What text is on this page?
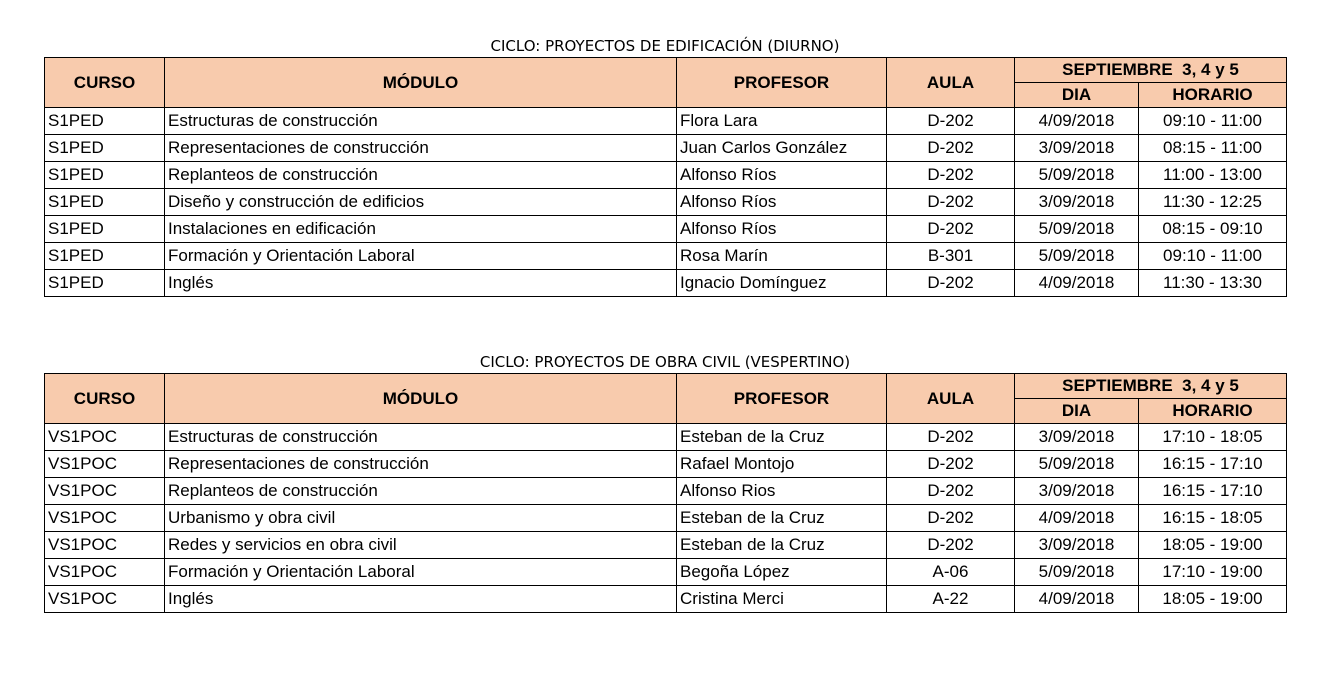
CICLO: PROYECTOS DE EDIFICACIÓN (DIURNO)
CURSO	MÓDULO	PROFESOR	AULA	SEPTIEMBRE  3, 4 y 5	
				DIA	HORARIO
S1PED	Estructuras de construcción	Flora Lara	D-202	4/09/2018	09:10 - 11:00
S1PED	Representaciones de construcción	Juan Carlos González	D-202	3/09/2018	08:15 - 11:00
S1PED	Replanteos de construcción	Alfonso Ríos	D-202	5/09/2018	11:00 - 13:00
S1PED	Diseño y construcción de edificios	Alfonso Ríos	D-202	3/09/2018	11:30 - 12:25
S1PED	Instalaciones en edificación	Alfonso Ríos	D-202	5/09/2018	08:15 - 09:10
S1PED	Formación y Orientación Laboral	Rosa Marín	B-301	5/09/2018	09:10 - 11:00
S1PED	Inglés	Ignacio Domínguez	D-202	4/09/2018	11:30 - 13:30
CICLO: PROYECTOS DE OBRA CIVIL (VESPERTINO)
CURSO	MÓDULO	PROFESOR	AULA	SEPTIEMBRE  3, 4 y 5	
				DIA	HORARIO
VS1POC	Estructuras de construcción	Esteban de la Cruz	D-202	3/09/2018	17:10 - 18:05
VS1POC	Representaciones de construcción	Rafael Montojo	D-202	5/09/2018	16:15 - 17:10
VS1POC	Replanteos de construcción	Alfonso Rios	D-202	3/09/2018	16:15 - 17:10
VS1POC	Urbanismo y obra civil	Esteban de la Cruz	D-202	4/09/2018	16:15 - 18:05
VS1POC	Redes y servicios en obra civil	Esteban de la Cruz	D-202	3/09/2018	18:05 - 19:00
VS1POC	Formación y Orientación Laboral	Begoña López	A-06	5/09/2018	17:10 - 19:00
VS1POC	Inglés	Cristina Merci	A-22	4/09/2018	18:05 - 19:00
